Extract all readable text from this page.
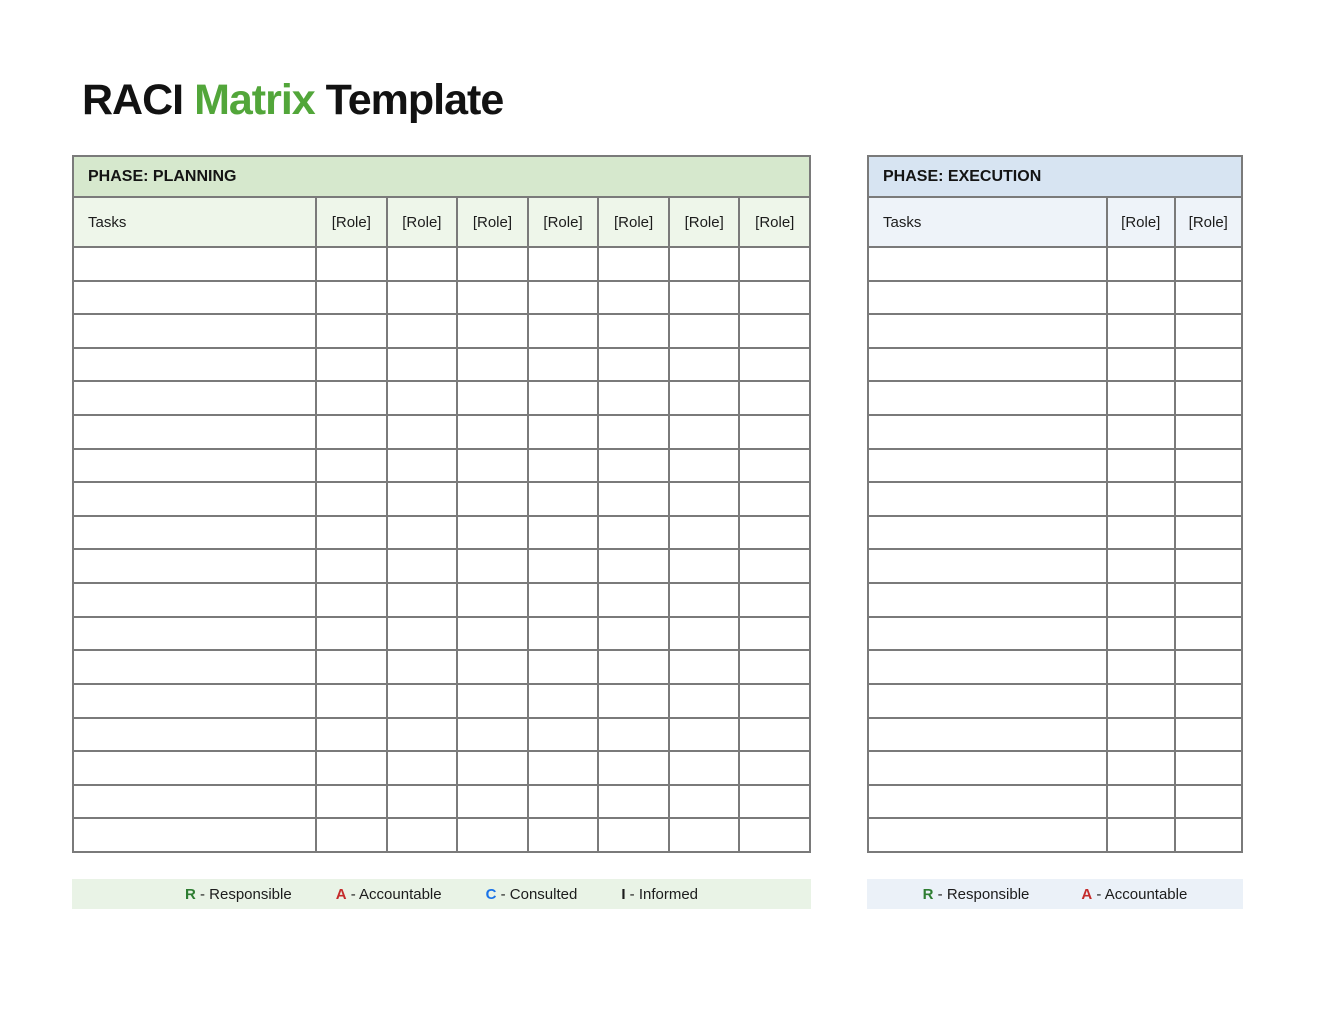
RACI Matrix Template
PHASE: PLANNING
Tasks	[Role]	[Role]	[Role]	[Role]	[Role]	[Role]	[Role]
R - Responsible	A - Accountable	C - Consulted	I - Informed
PHASE: EXECUTION
Tasks	[Role]	[Role]
R - Responsible	A - Accountable
